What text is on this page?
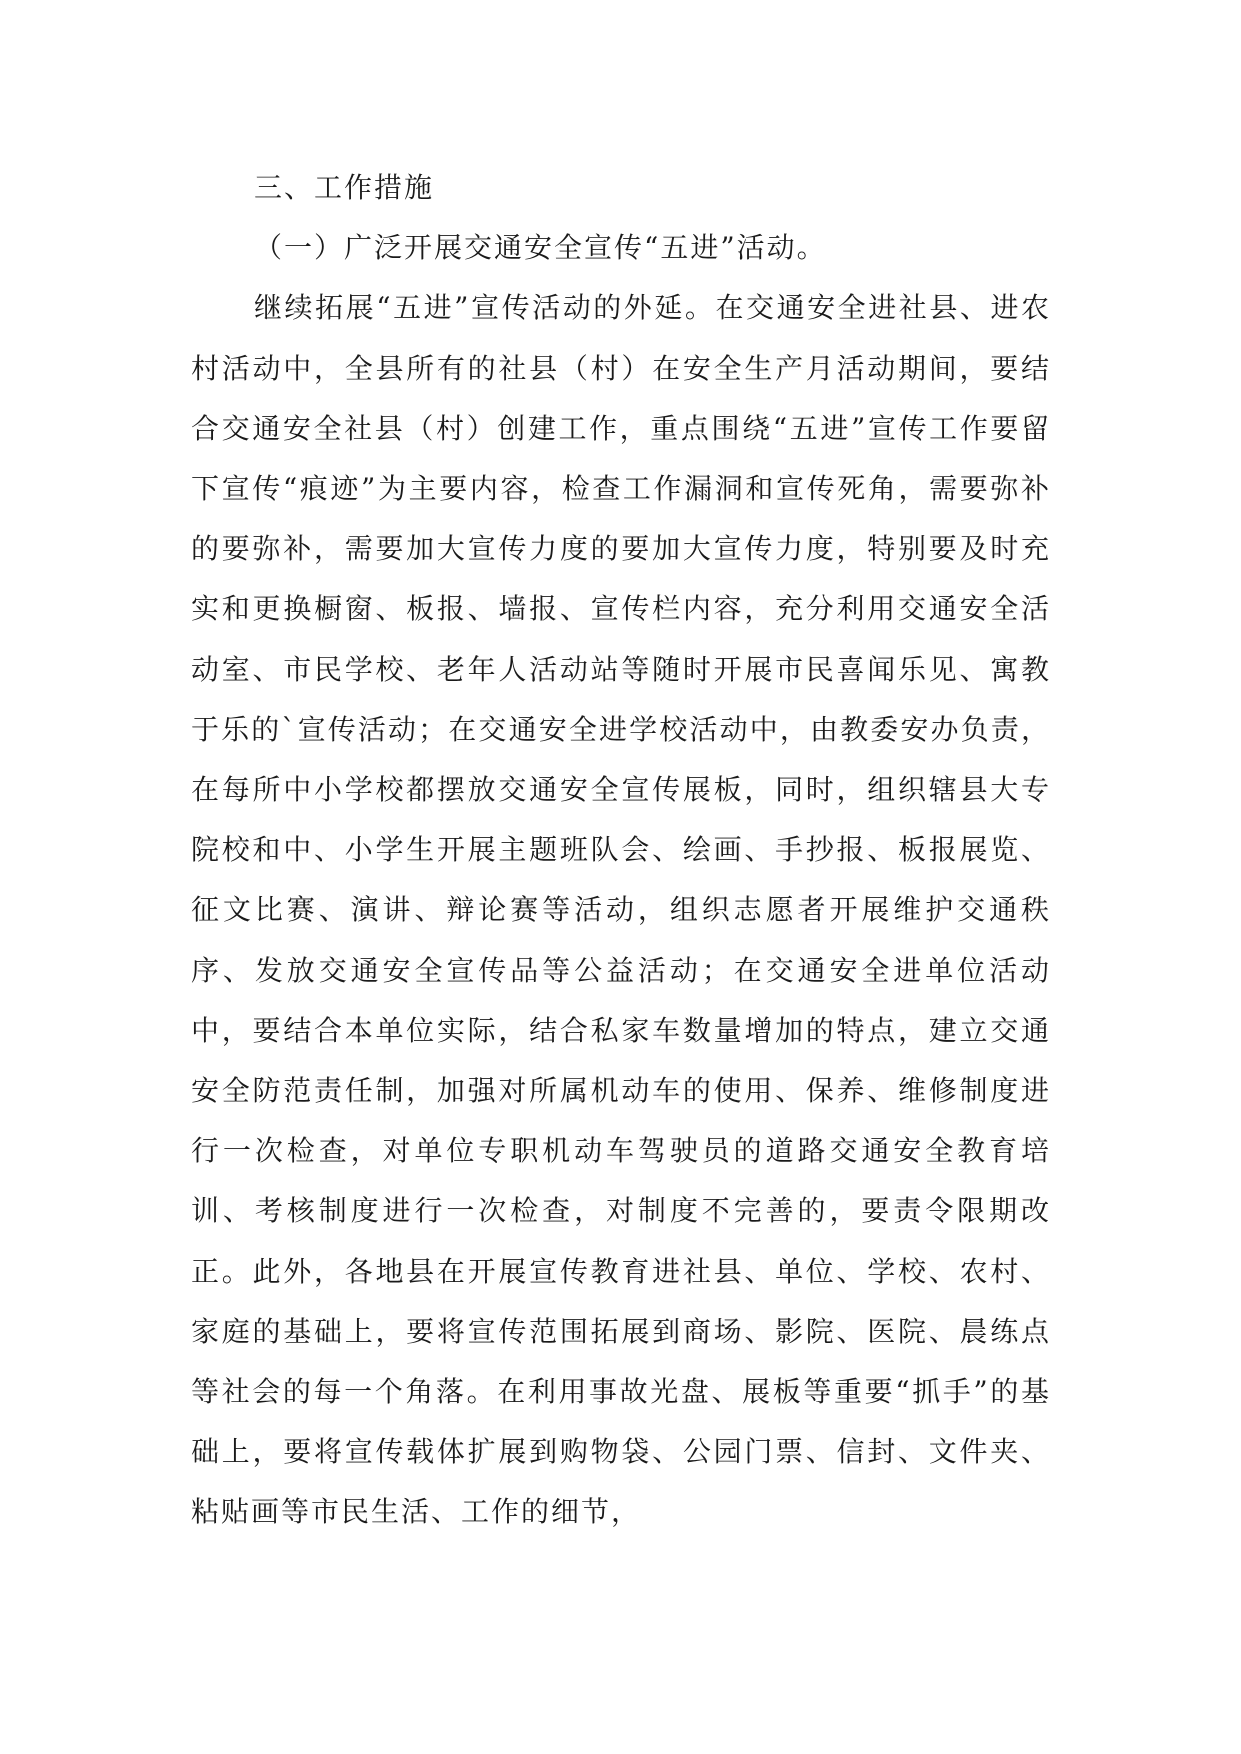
三、工作措施
（一）广泛开展交通安全宣传“五进”活动。

继续拓展“五进”宣传活动的外延。在交通安全进社县、进农村活动中，全县所有的社县（村）在安全生产月活动期间，要结合交通安全社县（村）创建工作，重点围绕“五进”宣传工作要留下宣传“痕迹”为主要内容，检查工作漏洞和宣传死角，需要弥补的要弥补，需要加大宣传力度的要加大宣传力度，特别要及时充实和更换橱窗、板报、墙报、宣传栏内容，充分利用交通安全活动室、市民学校、老年人活动站等随时开展市民喜闻乐见、寓教于乐的`宣传活动；在交通安全进学校活动中，由教委安办负责，在每所中小学校都摆放交通安全宣传展板，同时，组织辖县大专院校和中、小学生开展主题班队会、绘画、手抄报、板报展览、征文比赛、演讲、辩论赛等活动，组织志愿者开展维护交通秩序、发放交通安全宣传品等公益活动；在交通安全进单位活动中，要结合本单位实际，结合私家车数量增加的特点，建立交通安全防范责任制，加强对所属机动车的使用、保养、维修制度进行一次检查，对单位专职机动车驾驶员的道路交通安全教育培训、考核制度进行一次检查，对制度不完善的，要责令限期改正。此外，各地县在开展宣传教育进社县、单位、学校、农村、家庭的基础上，要将宣传范围拓展到商场、影院、医院、晨练点等社会的每一个角落。在利用事故光盘、展板等重要“抓手”的基础上，要将宣传载体扩展到购物袋、公园门票、信封、文件夹、粘贴画等市民生活、工作的细节，
